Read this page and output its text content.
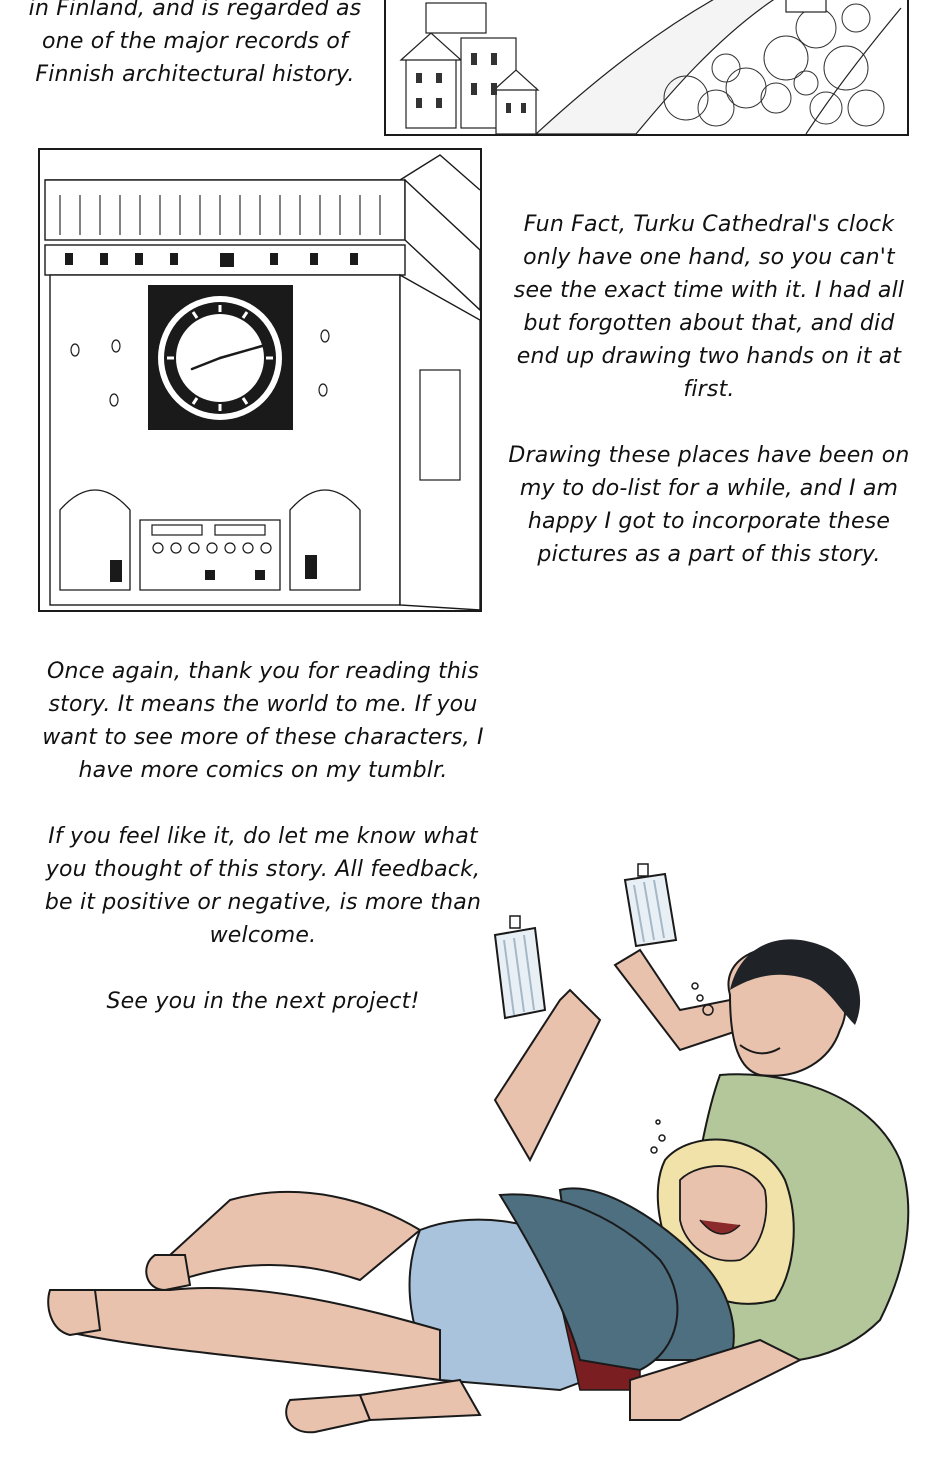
in Finland, and is regarded as
one of the major records of
Finnish architectural history.

Fun Fact, Turku Cathedral's clock only have one hand, so you can't see the exact time with it. I had all but forgotten about that, and did end up drawing two hands on it at first.

Drawing these places have been on my to do-list for a while, and I am happy I got to incorporate these pictures as a part of this story.

Once again, thank you for reading this story. It means the world to me. If you want to see more of these characters, I have more comics on my tumblr.

If you feel like it, do let me know what you thought of this story. All feedback, be it positive or negative, is more than welcome.

See you in the next project!
